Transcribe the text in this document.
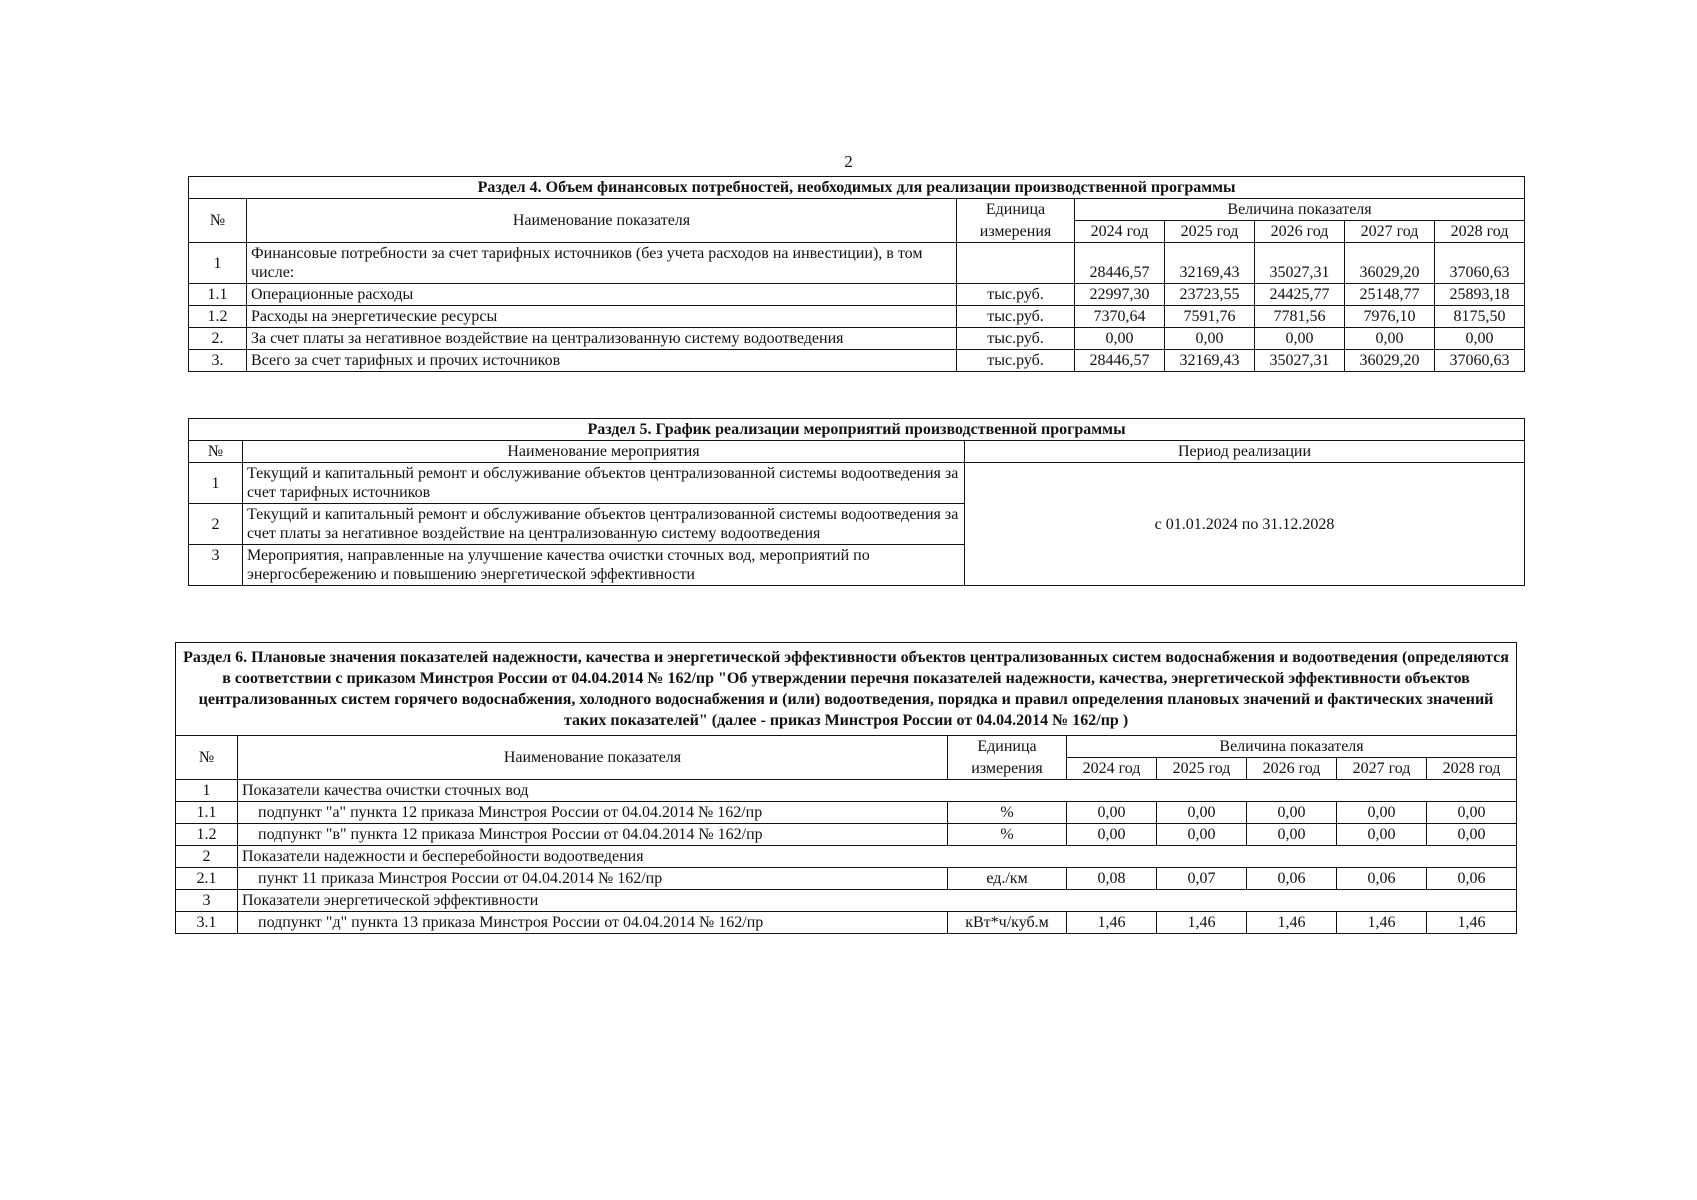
2
Раздел 4. Объем финансовых потребностей, необходимых для реализации производственной программы							
№	Наименование показателя	Единица	Величина показателя				
		измерения	2024 год	2025 год	2026 год	2027 год	2028 год
1	Финансовые потребности за счет тарифных источников (без учета расходов на инвестиции), в том числе:		28446,57	32169,43	35027,31	36029,20	37060,63
1.1	Операционные расходы	тыс.руб.	22997,30	23723,55	24425,77	25148,77	25893,18
1.2	Расходы на энергетические ресурсы	тыс.руб.	7370,64	7591,76	7781,56	7976,10	8175,50
2.	За счет платы за негативное воздействие на централизованную систему водоотведения	тыс.руб.	0,00	0,00	0,00	0,00	0,00
3.	Всего за счет тарифных и прочих источников	тыс.руб.	28446,57	32169,43	35027,31	36029,20	37060,63
Раздел 5. График реализации мероприятий производственной программы		
№	Наименование мероприятия	Период реализации
1	Текущий и капитальный ремонт и обслуживание объектов централизованной системы водоотведения за счет тарифных источников	с 01.01.2024 по 31.12.2028
2	Текущий и капитальный ремонт и обслуживание объектов централизованной системы водоотведения за счет платы за негативное воздействие на централизованную систему водоотведения	
3	Мероприятия, направленные на улучшение качества очистки сточных вод, мероприятий по энергосбережению и повышению энергетической эффективности	
Раздел 6. Плановые значения показателей надежности, качества и энергетической эффективности объектов централизованных систем водоснабжения и водоотведения (определяются в соответствии с приказом Минстроя России от 04.04.2014 № 162/пр "Об утверждении перечня показателей надежности, качества, энергетической эффективности объектов централизованных систем горячего водоснабжения, холодного водоснабжения и (или) водоотведения, порядка и правил определения плановых значений и фактических значений таких показателей" (далее - приказ Минстроя России от 04.04.2014 № 162/пр )							
№	Наименование показателя	Единица	Величина показателя				
		измерения	2024 год	2025 год	2026 год	2027 год	2028 год
1	Показатели качества очистки сточных вод						
1.1	подпункт "а" пункта 12 приказа Минстроя России от 04.04.2014 № 162/пр	%	0,00	0,00	0,00	0,00	0,00
1.2	подпункт "в" пункта 12 приказа Минстроя России от 04.04.2014 № 162/пр	%	0,00	0,00	0,00	0,00	0,00
2	Показатели надежности и бесперебойности водоотведения						
2.1	пункт 11 приказа Минстроя России от 04.04.2014 № 162/пр	ед./км	0,08	0,07	0,06	0,06	0,06
3	Показатели энергетической эффективности						
3.1	подпункт "д" пункта 13 приказа Минстроя России от 04.04.2014 № 162/пр	кВт*ч/куб.м	1,46	1,46	1,46	1,46	1,46
